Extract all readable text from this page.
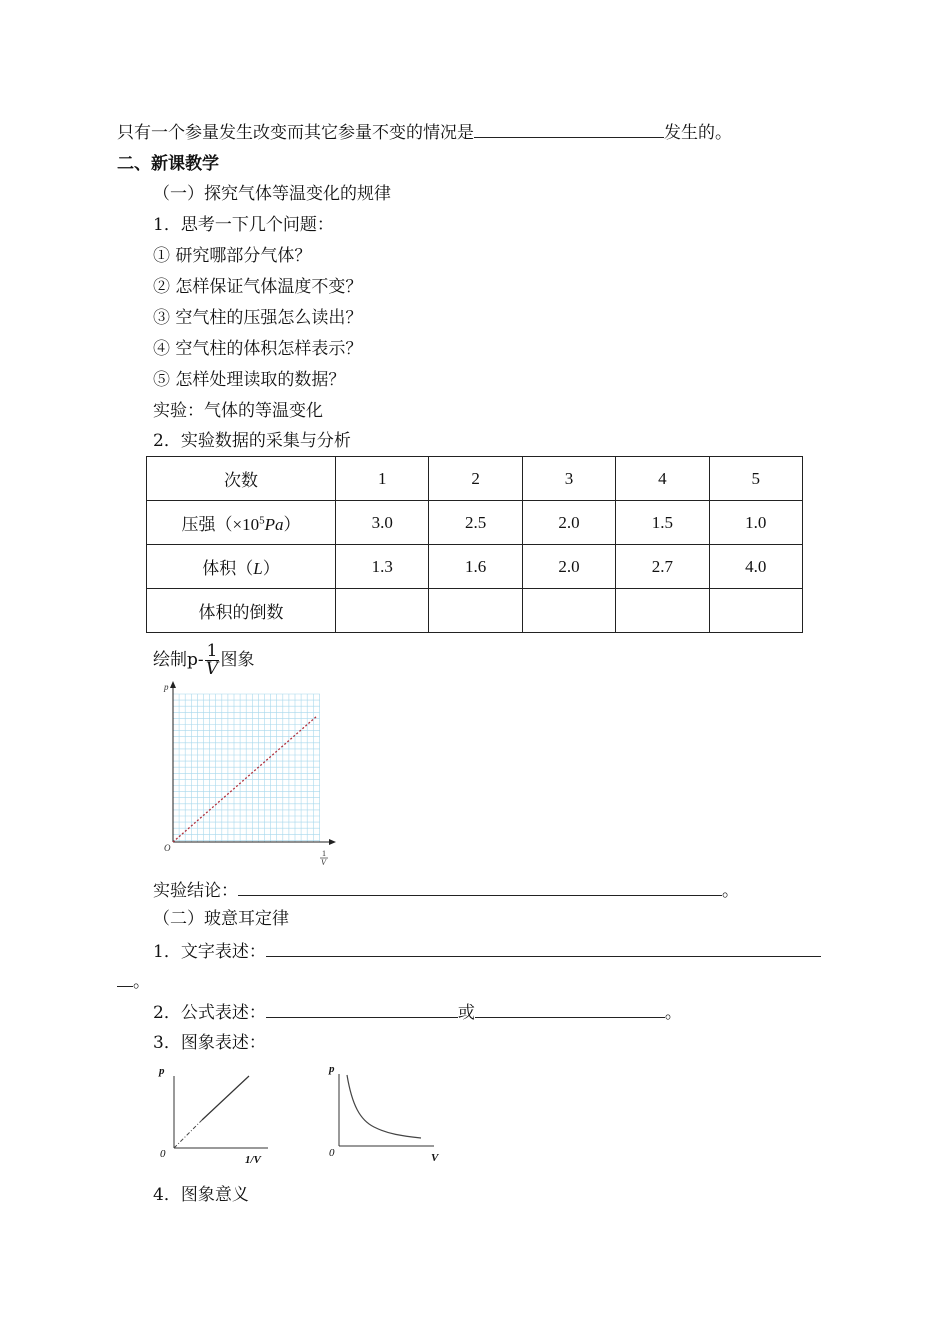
只有一个参量发生改变而其它参量不变的情况是	发生的。
二、新课教学
（一）探究气体等温变化的规律
1．思考一下几个问题：
① 研究哪部分气体？
② 怎样保证气体温度不变？
③ 空气柱的压强怎么读出？
④ 空气柱的体积怎样表示？
⑤ 怎样处理读取的数据？
实验：气体的等温变化
2．实验数据的采集与分析
次数	1	2	3	4	5
压强$(\times 10^5Pa)$	3.0	2.5	2.0	1.5	1.0
体积（L）	1.3	1.6	2.0	2.7	4.0
体积的倒数					
绘制$p- \frac{1}{V}$ 图象
p
O
1
V
实验结论：	。
（二）玻意耳定律
1．文字表述：
。
2．公式表述：	或	。
3．图象表述：
p
0	1/V
p
0	V
4．图象意义
